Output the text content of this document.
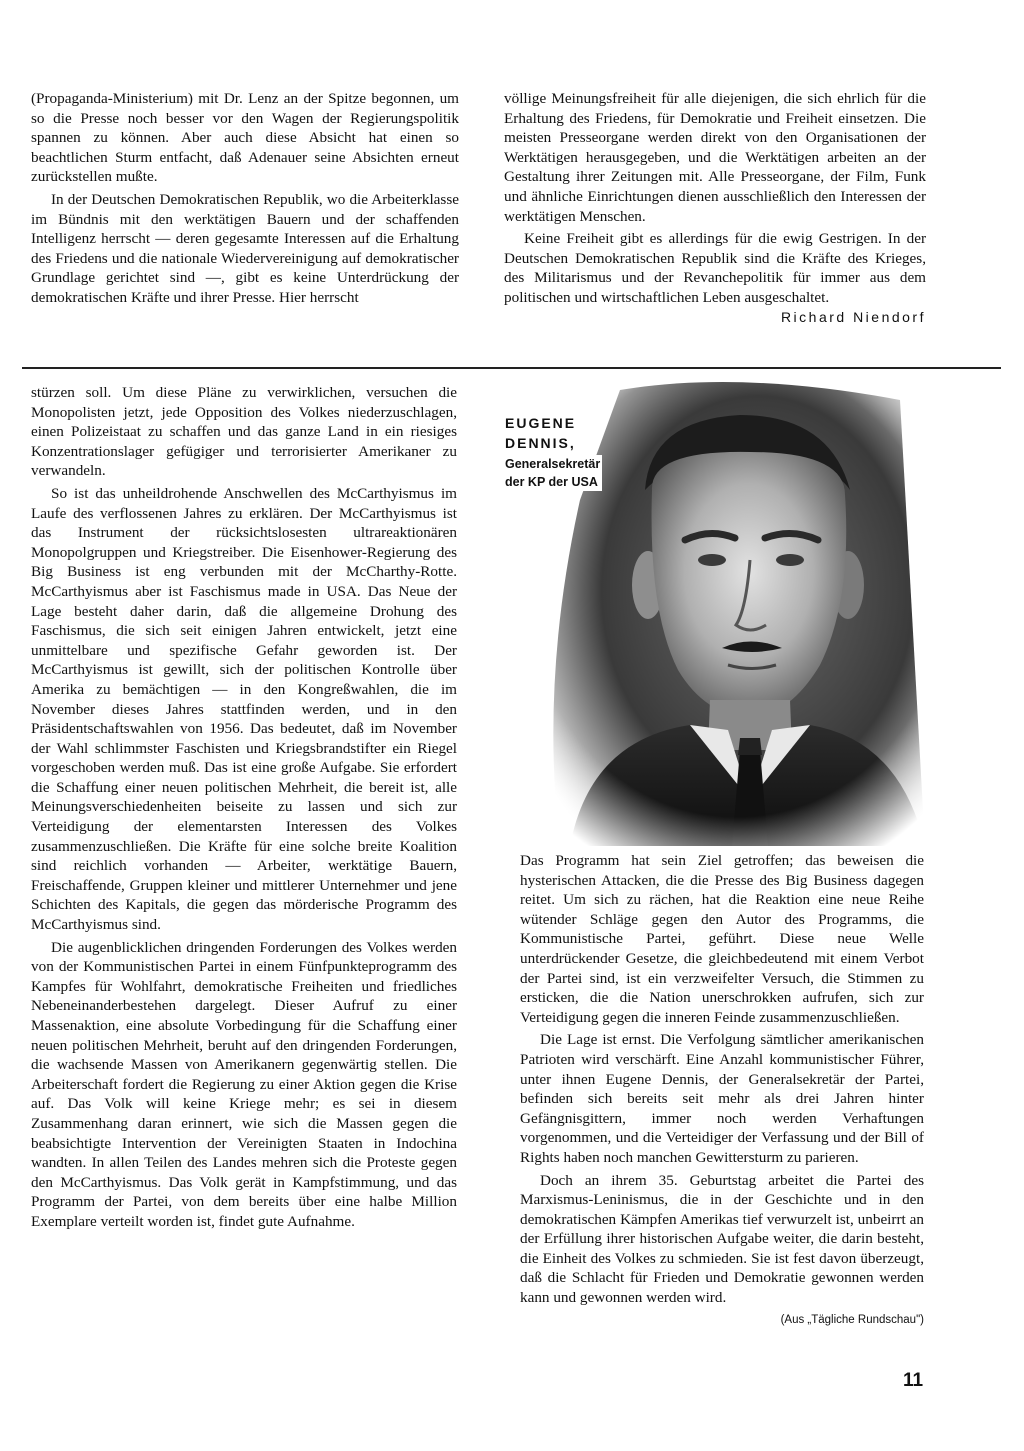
(Propaganda-Ministerium) mit Dr. Lenz an der Spitze begonnen, um so die Presse noch besser vor den Wagen der Regierungspolitik spannen zu können. Aber auch diese Absicht hat einen so beachtlichen Sturm entfacht, daß Adenauer seine Absichten erneut zurückstellen mußte.

In der Deutschen Demokratischen Republik, wo die Arbeiterklasse im Bündnis mit den werktätigen Bauern und der schaffenden Intelligenz herrscht — deren gegesamte Interessen auf die Erhaltung des Friedens und die nationale Wiedervereinigung auf demokratischer Grundlage gerichtet sind —, gibt es keine Unterdrückung der demokratischen Kräfte und ihrer Presse. Hier herrscht

völlige Meinungsfreiheit für alle diejenigen, die sich ehrlich für die Erhaltung des Friedens, für Demokratie und Freiheit einsetzen. Die meisten Presseorgane werden direkt von den Organisationen der Werktätigen herausgegeben, und die Werktätigen arbeiten an der Gestaltung ihrer Zeitungen mit. Alle Presseorgane, der Film, Funk und ähnliche Einrichtungen dienen ausschließlich den Interessen der werktätigen Menschen.

Keine Freiheit gibt es allerdings für die ewig Gestrigen. In der Deutschen Demokratischen Republik sind die Kräfte des Krieges, des Militarismus und der Revanchepolitik für immer aus dem politischen und wirtschaftlichen Leben ausgeschaltet.
Richard Niendorf

stürzen soll. Um diese Pläne zu verwirklichen, versuchen die Monopolisten jetzt, jede Opposition des Volkes niederzuschlagen, einen Polizeistaat zu schaffen und das ganze Land in ein riesiges Konzentrationslager gefügiger und terrorisierter Amerikaner zu verwandeln.

So ist das unheildrohende Anschwellen des McCarthyismus im Laufe des verflossenen Jahres zu erklären. Der McCarthyismus ist das Instrument der rücksichtslosesten ultrareaktionären Monopolgruppen und Kriegstreiber. Die Eisenhower-Regierung des Big Business ist eng verbunden mit der McCharthy-Rotte. McCarthyismus aber ist Faschismus made in USA. Das Neue der Lage besteht daher darin, daß die allgemeine Drohung des Faschismus, die sich seit einigen Jahren entwickelt, jetzt eine unmittelbare und spezifische Gefahr geworden ist. Der McCarthyismus ist gewillt, sich der politischen Kontrolle über Amerika zu bemächtigen — in den Kongreßwahlen, die im November dieses Jahres stattfinden werden, und in den Präsidentschaftswahlen von 1956. Das bedeutet, daß im November der Wahl schlimmster Faschisten und Kriegsbrandstifter ein Riegel vorgeschoben werden muß. Das ist eine große Aufgabe. Sie erfordert die Schaffung einer neuen politischen Mehrheit, die bereit ist, alle Meinungsverschiedenheiten beiseite zu lassen und sich zur Verteidigung der elementarsten Interessen des Volkes zusammenzuschließen. Die Kräfte für eine solche breite Koalition sind reichlich vorhanden — Arbeiter, werktätige Bauern, Freischaffende, Gruppen kleiner und mittlerer Unternehmer und jene Schichten des Kapitals, die gegen das mörderische Programm des McCarthyismus sind.

Die augenblicklichen dringenden Forderungen des Volkes werden von der Kommunistischen Partei in einem Fünfpunkteprogramm des Kampfes für Wohlfahrt, demokratische Freiheiten und friedliches Nebeneinanderbestehen dargelegt. Dieser Aufruf zu einer Massenaktion, eine absolute Vorbedingung für die Schaffung einer neuen politischen Mehrheit, beruht auf den dringenden Forderungen, die wachsende Massen von Amerikanern gegenwärtig stellen. Die Arbeiterschaft fordert die Regierung zu einer Aktion gegen die Krise auf. Das Volk will keine Kriege mehr; es sei in diesem Zusammenhang daran erinnert, wie sich die Massen gegen die beabsichtigte Intervention der Vereinigten Staaten in Indochina wandten. In allen Teilen des Landes mehren sich die Proteste gegen den McCarthyismus. Das Volk gerät in Kampfstimmung, und das Programm der Partei, von dem bereits über eine halbe Million Exemplare verteilt worden ist, findet gute Aufnahme.

EUGENE
DENNIS,
Generalsekretär
der KP der USA

Das Programm hat sein Ziel getroffen; das beweisen die hysterischen Attacken, die die Presse des Big Business dagegen reitet. Um sich zu rächen, hat die Reaktion eine neue Reihe wütender Schläge gegen den Autor des Programms, die Kommunistische Partei, geführt. Diese neue Welle unterdrückender Gesetze, die gleichbedeutend mit einem Verbot der Partei sind, ist ein verzweifelter Versuch, die Stimmen zu ersticken, die die Nation unerschrokken aufrufen, sich zur Verteidigung gegen die inneren Feinde zusammenzuschließen.

Die Lage ist ernst. Die Verfolgung sämtlicher amerikanischen Patrioten wird verschärft. Eine Anzahl kommunistischer Führer, unter ihnen Eugene Dennis, der Generalsekretär der Partei, befinden sich bereits seit mehr als drei Jahren hinter Gefängnisgittern, immer noch werden Verhaftungen vorgenommen, und die Verteidiger der Verfassung und der Bill of Rights haben noch manchen Gewittersturm zu parieren.

Doch an ihrem 35. Geburtstag arbeitet die Partei des Marxismus-Leninismus, die in der Geschichte und in den demokratischen Kämpfen Amerikas tief verwurzelt ist, unbeirrt an der Erfüllung ihrer historischen Aufgabe weiter, die darin besteht, die Einheit des Volkes zu schmieden. Sie ist fest davon überzeugt, daß die Schlacht für Frieden und Demokratie gewonnen werden kann und gewonnen werden wird.

(Aus „Tägliche Rundschau")
11
